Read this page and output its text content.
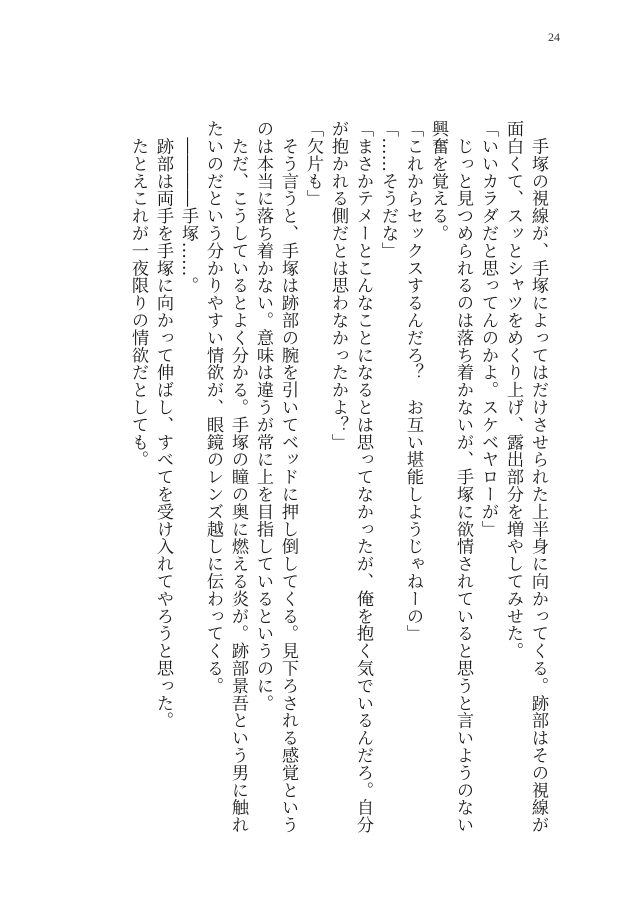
24
　手塚の視線が、手塚によってはだけさせられた上半身に向かってくる。跡部はその視線が
面白くて、スッとシャツをめくり上げ、露出部分を増やしてみせた。
「いいカラダだと思ってんのかよ。スケベヤローが」
　じっと見つめられるのは落ち着かないが、手塚に欲情されていると思うと言いようのない
興奮を覚える。
「これからセックスするんだろ？　お互い堪能しようじゃねーの」
「……そうだな」
「まさかテメーとこんなことになるとは思ってなかったが、俺を抱く気でいるんだろ。自分
が抱かれる側だとは思わなかったかよ？」
「欠片も」
　そう言うと、手塚は跡部の腕を引いてベッドに押し倒してくる。見下ろされる感覚という
のは本当に落ち着かない。意味は違うが常に上を目指しているというのに。
　ただ、こうしているとよく分かる。手塚の瞳の奥に燃える炎が。跡部景吾という男に触れ
たいのだという分かりやすい情欲が、眼鏡のレンズ越しに伝わってくる。
　――――手塚……。
　跡部は両手を手塚に向かって伸ばし、すべてを受け入れてやろうと思った。
　たとえこれが一夜限りの情欲だとしても。
